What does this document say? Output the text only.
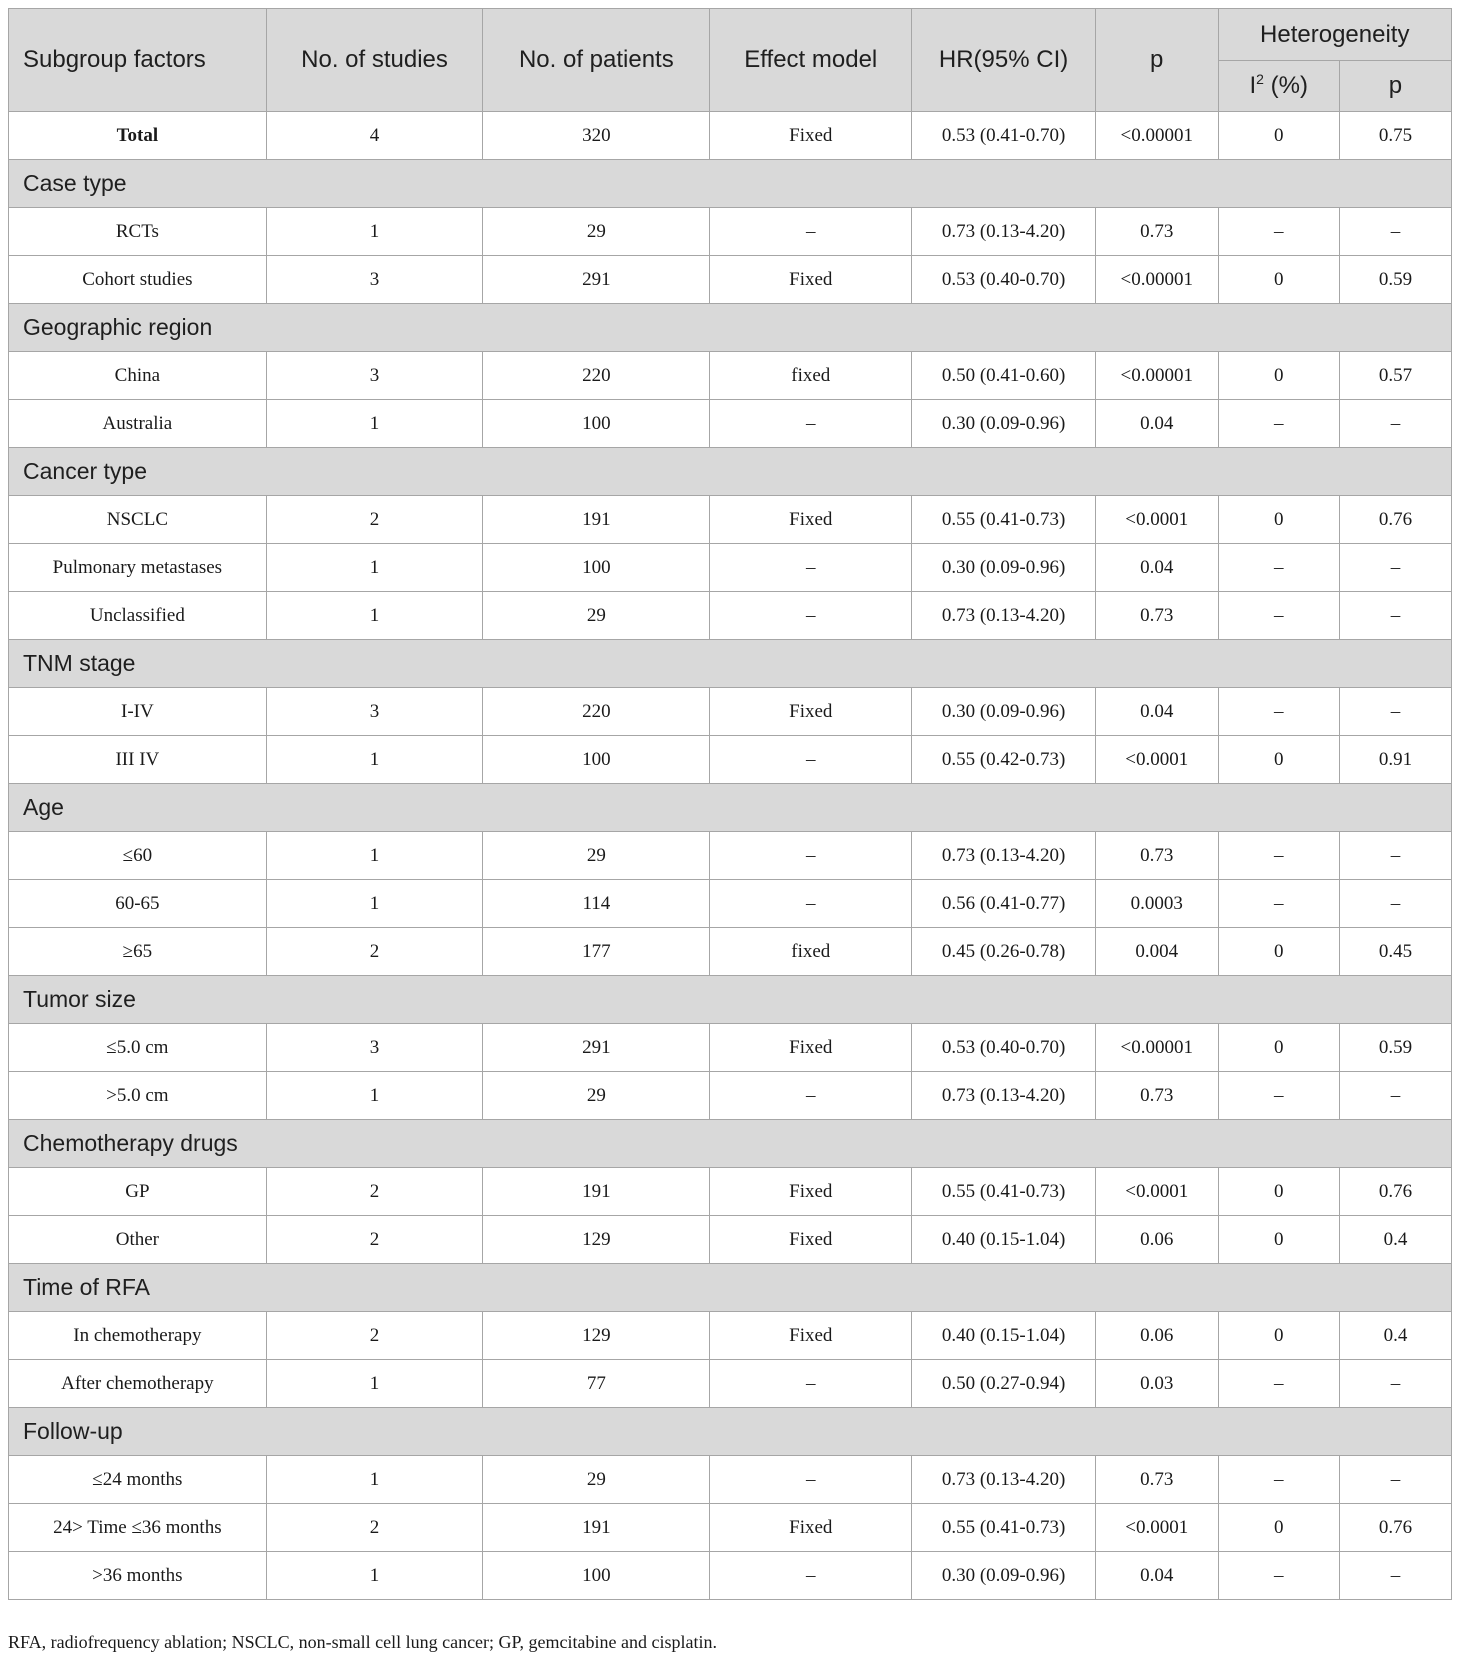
Subgroup factors	No. of studies	No. of patients	Effect model	HR(95% CI)	p	Heterogeneity	
						$I^2$ (%)	p
Total	4	320	Fixed	0.53 (0.41-0.70)	<0.00001	0	0.75
Case type							
RCTs	1	29	–	0.73 (0.13-4.20)	0.73	–	–
Cohort studies	3	291	Fixed	0.53 (0.40-0.70)	<0.00001	0	0.59
Geographic region							
China	3	220	fixed	0.50 (0.41-0.60)	<0.00001	0	0.57
Australia	1	100	–	0.30 (0.09-0.96)	0.04	–	–
Cancer type							
NSCLC	2	191	Fixed	0.55 (0.41-0.73)	<0.0001	0	0.76
Pulmonary metastases	1	100	–	0.30 (0.09-0.96)	0.04	–	–
Unclassified	1	29	–	0.73 (0.13-4.20)	0.73	–	–
TNM stage							
I-IV	3	220	Fixed	0.30 (0.09-0.96)	0.04	–	–
III IV	1	100	–	0.55 (0.42-0.73)	<0.0001	0	0.91
Age							
≤60	1	29	–	0.73 (0.13-4.20)	0.73	–	–
60-65	1	114	–	0.56 (0.41-0.77)	0.0003	–	–
≥65	2	177	fixed	0.45 (0.26-0.78)	0.004	0	0.45
Tumor size							
≤5.0 cm	3	291	Fixed	0.53 (0.40-0.70)	<0.00001	0	0.59
>5.0 cm	1	29	–	0.73 (0.13-4.20)	0.73	–	–
Chemotherapy drugs							
GP	2	191	Fixed	0.55 (0.41-0.73)	<0.0001	0	0.76
Other	2	129	Fixed	0.40 (0.15-1.04)	0.06	0	0.4
Time of RFA							
In chemotherapy	2	129	Fixed	0.40 (0.15-1.04)	0.06	0	0.4
After chemotherapy	1	77	–	0.50 (0.27-0.94)	0.03	–	–
Follow-up							
≤24 months	1	29	–	0.73 (0.13-4.20)	0.73	–	–
24> Time ≤36 months	2	191	Fixed	0.55 (0.41-0.73)	<0.0001	0	0.76
>36 months	1	100	–	0.30 (0.09-0.96)	0.04	–	–
RFA, radiofrequency ablation; NSCLC, non-small cell lung cancer; GP, gemcitabine and cisplatin.
